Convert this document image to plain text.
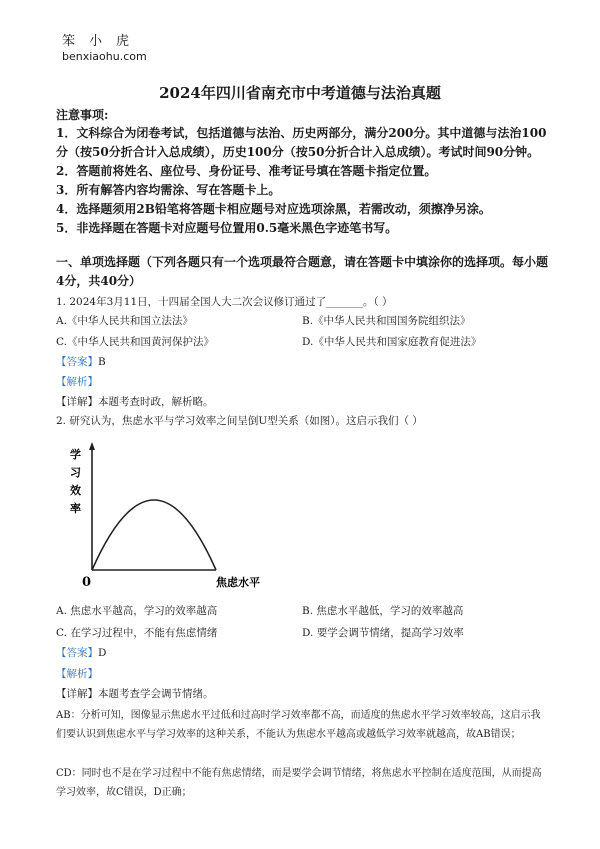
笨小虎
benxiaohu.com
2024年四川省南充市中考道德与法治真题
注意事项:

1．文科综合为闭卷考试，包括道德与法治、历史两部分，满分200分。其中道德与法治100分（按50分折合计入总成绩），历史100分（按50分折合计入总成绩）。考试时间90分钟。

2．答题前将姓名、座位号、身份证号、准考证号填在答题卡指定位置。

3．所有解答内容均需涂、写在答题卡上。

4．选择题须用2B铅笔将答题卡相应题号对应选项涂黑，若需改动，须擦净另涂。

5．非选择题在答题卡对应题号位置用0.5毫米黑色字迹笔书写。

一、单项选择题（下列各题只有一个选项最符合题意，请在答题卡中填涂你的选择项。每小题4分，共40分）
1. 2024年3月11日，十四届全国人大二次会议修订通过了_______。（ ）
A.《中华人民共和国立法法》	B.《中华人民共和国国务院组织法》
C.《中华人民共和国黄河保护法》	D.《中华人民共和国家庭教育促进法》
【答案】B
【解析】
【详解】本题考查时政，解析略。
2. 研究认为，焦虑水平与学习效率之间呈倒U型关系（如图）。这启示我们（ ）
学
习
效
率
0	焦虑水平
A. 焦虑水平越高，学习的效率越高	B. 焦虑水平越低，学习的效率越高
C. 在学习过程中，不能有焦虑情绪	D. 要学会调节情绪，提高学习效率
【答案】D
【解析】
【详解】本题考查学会调节情绪。
AB：分析可知，图像显示焦虑水平过低和过高时学习效率都不高，而适度的焦虑水平学习效率较高，这启示我们要认识到焦虑水平与学习效率的这种关系，不能认为焦虑水平越高或越低学习效率就越高，故AB错误；
CD：同时也不是在学习过程中不能有焦虑情绪，而是要学会调节情绪，将焦虑水平控制在适度范围，从而提高学习效率，故C错误，D正确；
